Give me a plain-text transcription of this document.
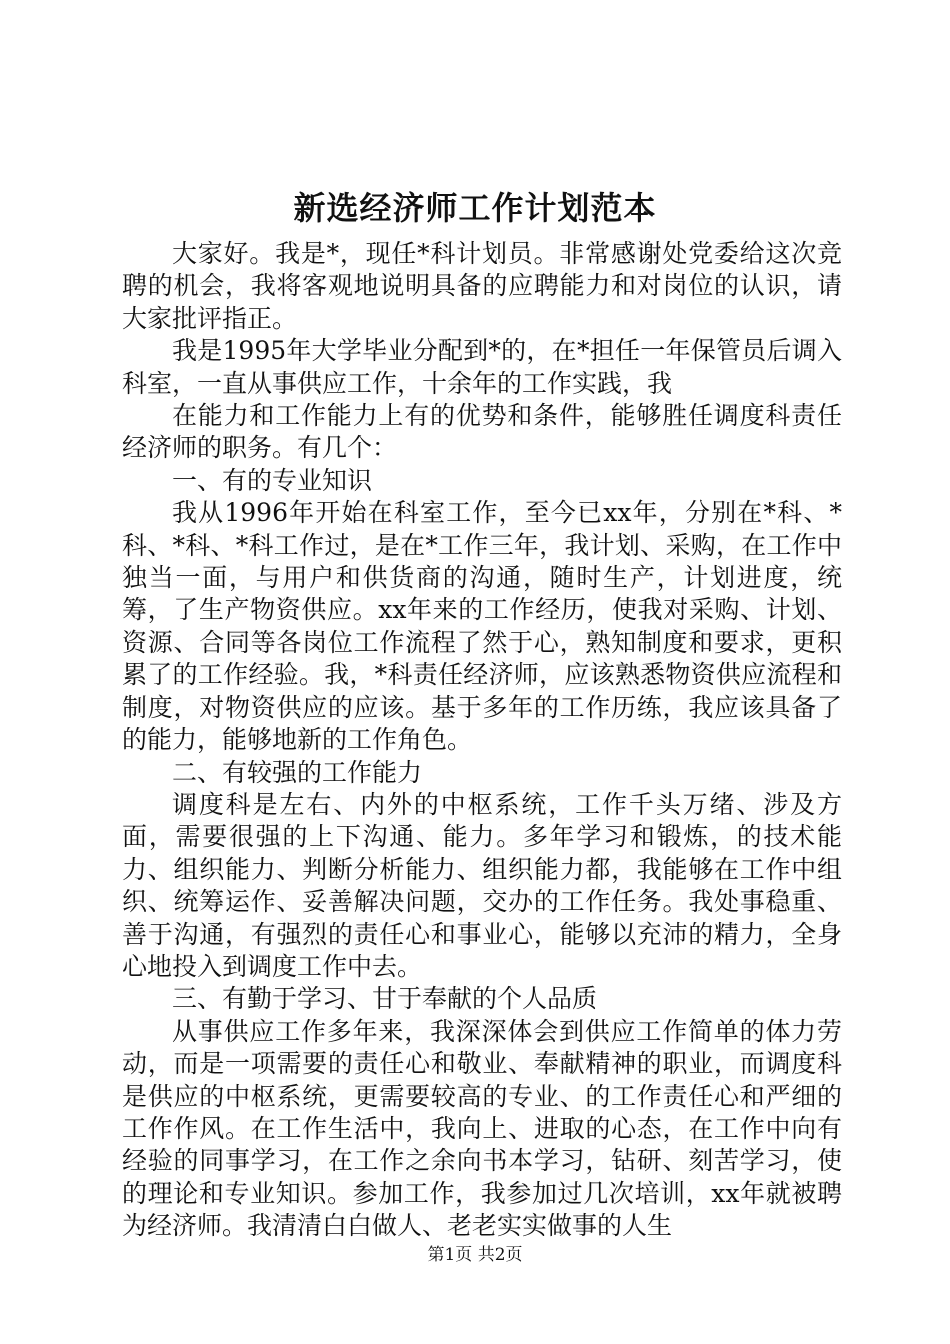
新选经济师工作计划范本

大家好。我是*，现任*科计划员。非常感谢处党委给这次竞聘的机会，我将客观地说明具备的应聘能力和对岗位的认识，请大家批评指正。

我是1995年大学毕业分配到*的，在*担任一年保管员后调入科室，一直从事供应工作，十余年的工作实践，我

在能力和工作能力上有的优势和条件，能够胜任调度科责任经济师的职务。有几个：

一、有的专业知识

我从1996年开始在科室工作，至今已xx年，分别在*科、*科、*科、*科工作过，是在*工作三年，我计划、采购，在工作中独当一面，与用户和供货商的沟通，随时生产，计划进度，统筹，了生产物资供应。xx年来的工作经历，使我对采购、计划、资源、合同等各岗位工作流程了然于心，熟知制度和要求，更积累了的工作经验。我，*科责任经济师，应该熟悉物资供应流程和制度，对物资供应的应该。基于多年的工作历练，我应该具备了的能力，能够地新的工作角色。

二、有较强的工作能力

调度科是左右、内外的中枢系统，工作千头万绪、涉及方面，需要很强的上下沟通、能力。多年学习和锻炼，的技术能力、组织能力、判断分析能力、组织能力都，我能够在工作中组织、统筹运作、妥善解决问题，交办的工作任务。我处事稳重、善于沟通，有强烈的责任心和事业心，能够以充沛的精力，全身心地投入到调度工作中去。

三、有勤于学习、甘于奉献的个人品质

从事供应工作多年来，我深深体会到供应工作简单的体力劳动，而是一项需要的责任心和敬业、奉献精神的职业，而调度科是供应的中枢系统，更需要较高的专业、的工作责任心和严细的工作作风。在工作生活中，我向上、进取的心态，在工作中向有经验的同事学习，在工作之余向书本学习，钻研、刻苦学习，使的理论和专业知识。参加工作，我参加过几次培训，xx年就被聘为经济师。我清清白白做人、老老实实做事的人生

第1页 共2页
